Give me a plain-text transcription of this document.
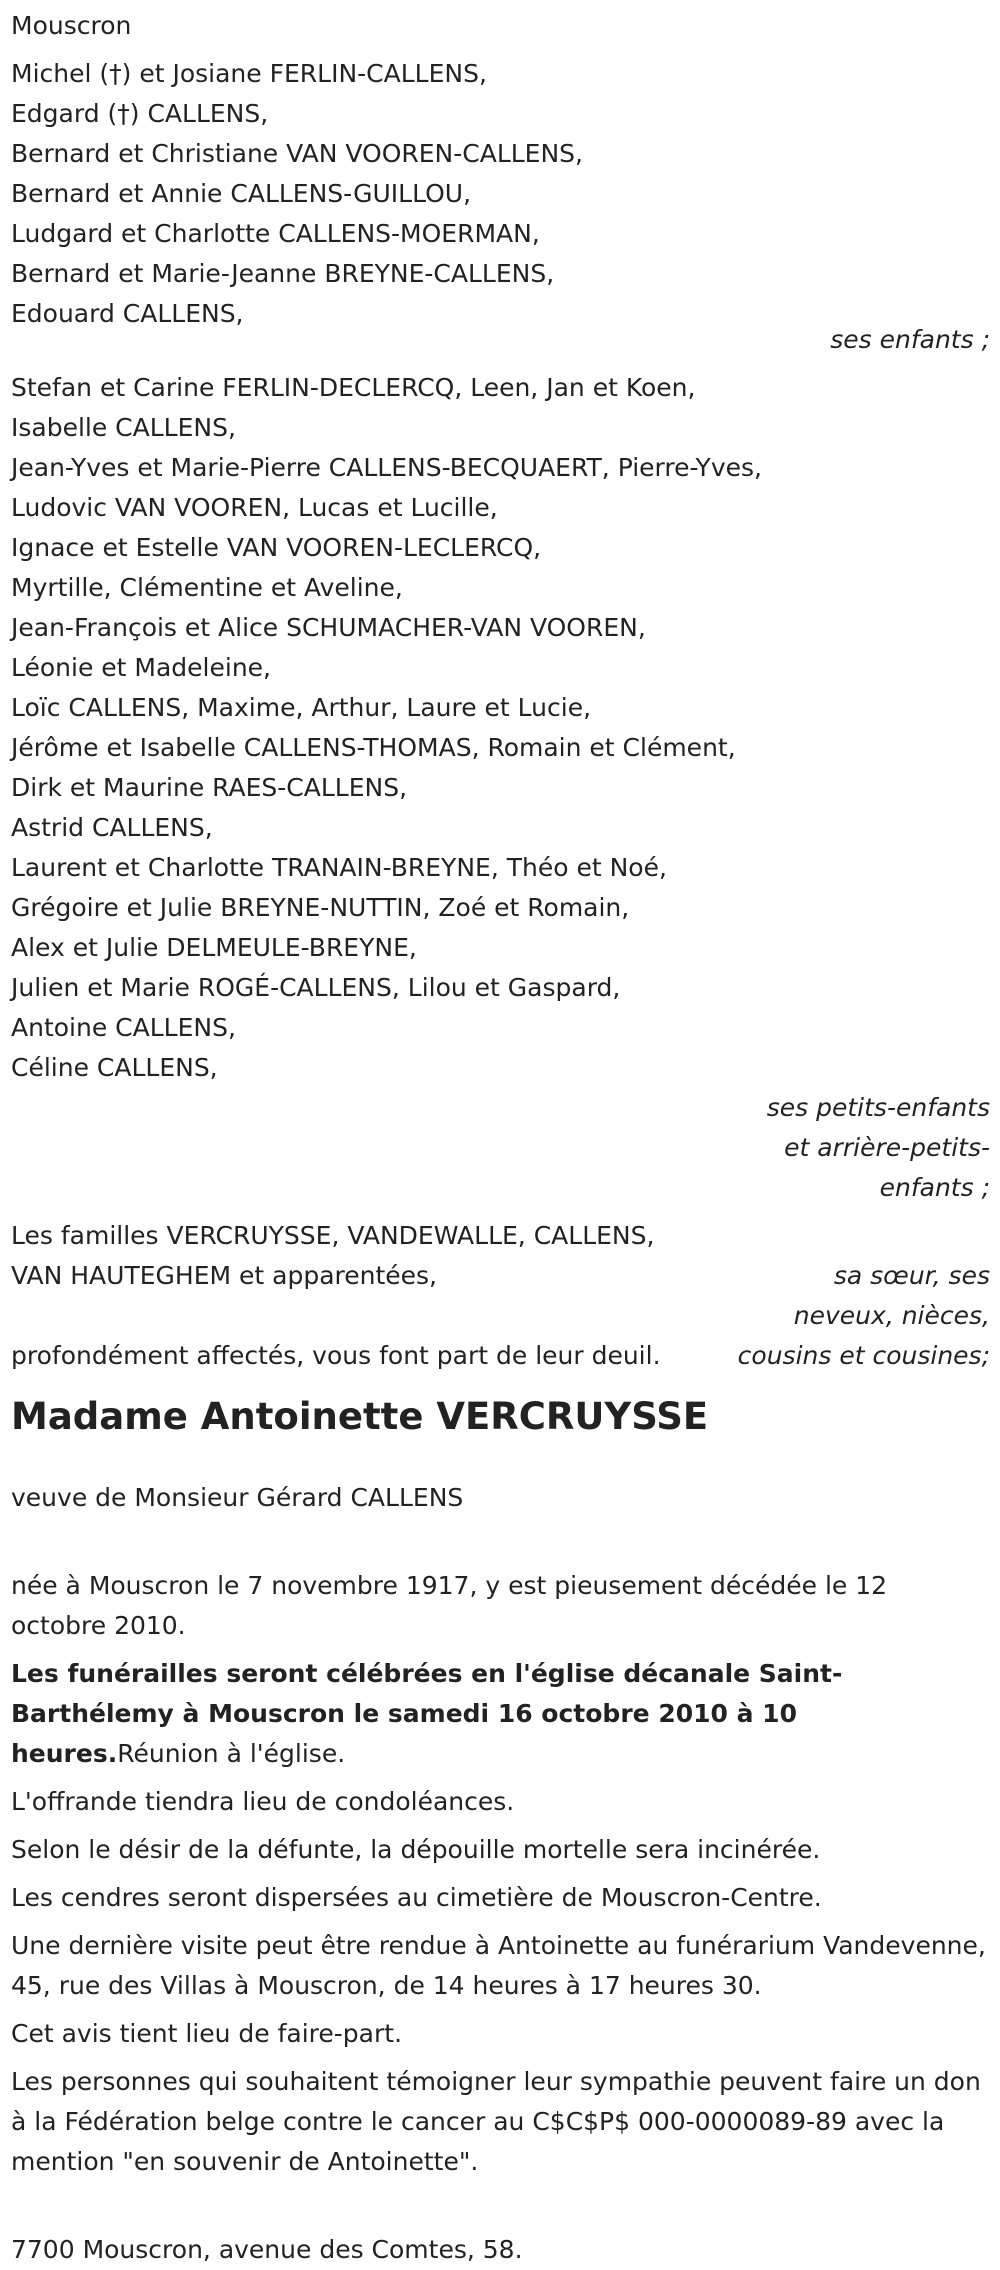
Mouscron
Michel (†) et Josiane FERLIN-CALLENS,
Edgard (†) CALLENS,
Bernard et Christiane VAN VOOREN-CALLENS,
Bernard et Annie CALLENS-GUILLOU,
Ludgard et Charlotte CALLENS-MOERMAN,
Bernard et Marie-Jeanne BREYNE-CALLENS,
Edouard CALLENS,
ses enfants ;
Stefan et Carine FERLIN-DECLERCQ, Leen, Jan et Koen,
Isabelle CALLENS,
Jean-Yves et Marie-Pierre CALLENS-BECQUAERT, Pierre-Yves,
Ludovic VAN VOOREN, Lucas et Lucille,
Ignace et Estelle VAN VOOREN-LECLERCQ,
Myrtille, Clémentine et Aveline,
Jean-François et Alice SCHUMACHER-VAN VOOREN,
Léonie et Madeleine,
Loïc CALLENS, Maxime, Arthur, Laure et Lucie,
Jérôme et Isabelle CALLENS-THOMAS, Romain et Clément,
Dirk et Maurine RAES-CALLENS,
Astrid CALLENS,
Laurent et Charlotte TRANAIN-BREYNE, Théo et Noé,
Grégoire et Julie BREYNE-NUTTIN, Zoé et Romain,
Alex et Julie DELMEULE-BREYNE,
Julien et Marie ROGÉ-CALLENS, Lilou et Gaspard,
Antoine CALLENS,
Céline CALLENS,
ses petits-enfants
et arrière-petits-
enfants ;
Les familles VERCRUYSSE, VANDEWALLE, CALLENS,
VAN HAUTEGHEM et apparentées,
profondément affectés, vous font part de leur deuil.
sa sœur, ses
neveux, nièces,
cousins et cousines;
Madame Antoinette VERCRUYSSE
veuve de Monsieur Gérard CALLENS
née à Mouscron le 7 novembre 1917, y est pieusement décédée le 12 octobre 2010.
Les funérailles seront célébrées en l'église décanale Saint-Barthélemy à Mouscron le samedi 16 octobre 2010 à 10 heures.Réunion à l'église.
L'offrande tiendra lieu de condoléances.
Selon le désir de la défunte, la dépouille mortelle sera incinérée.
Les cendres seront dispersées au cimetière de Mouscron-Centre.
Une dernière visite peut être rendue à Antoinette au funérarium Vandevenne, 45, rue des Villas à Mouscron, de 14 heures à 17 heures 30.
Cet avis tient lieu de faire-part.
Les personnes qui souhaitent témoigner leur sympathie peuvent faire un don à la Fédération belge contre le cancer au C$C$P$ 000-0000089-89 avec la mention "en souvenir de Antoinette".
7700 Mouscron, avenue des Comtes, 58.
